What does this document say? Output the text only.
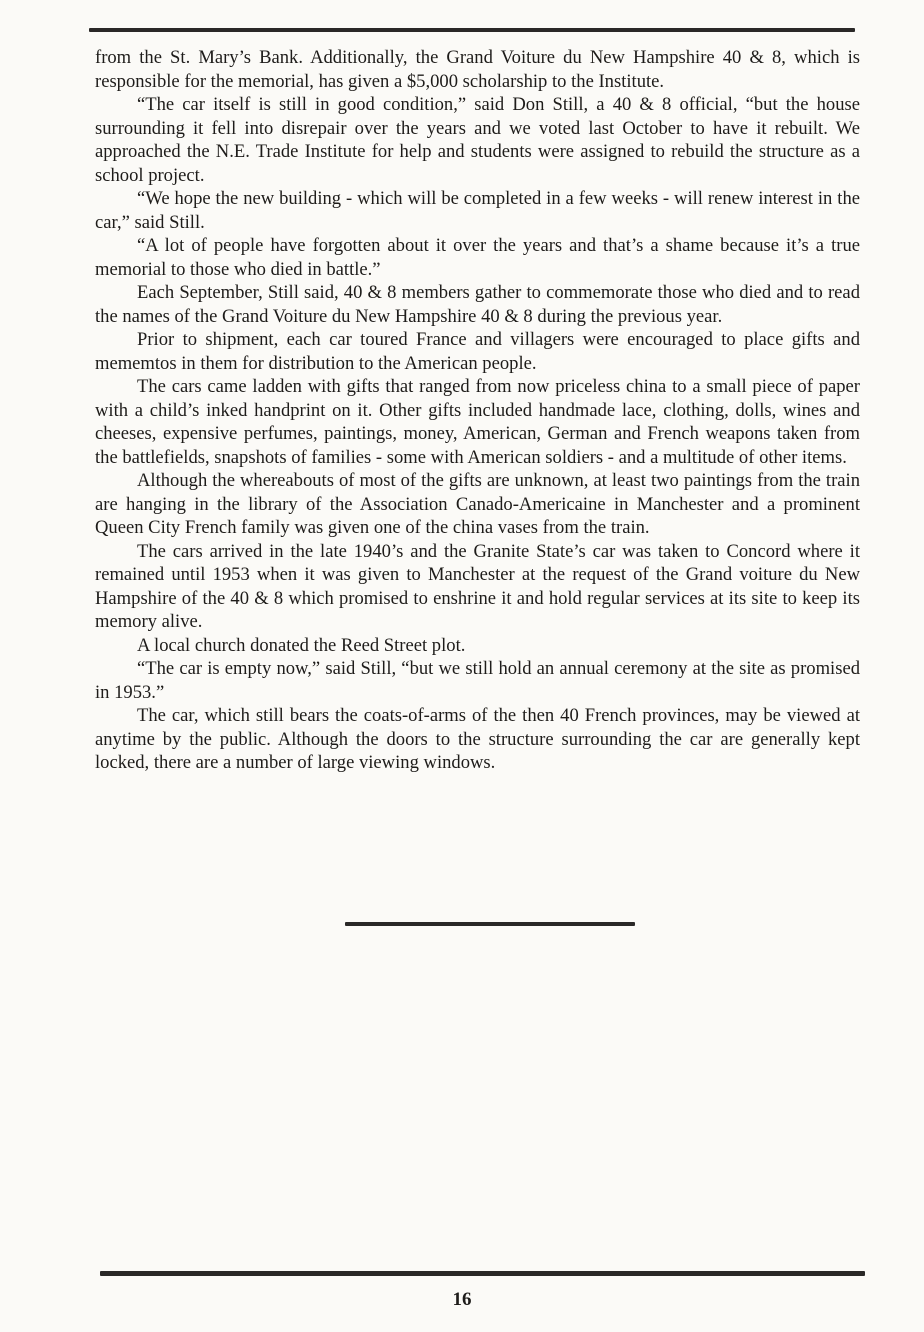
from the St. Mary’s Bank. Additionally, the Grand Voiture du New Hampshire 40 & 8, which is responsible for the memorial, has given a $5,000 scholarship to the Institute.

“The car itself is still in good condition,” said Don Still, a 40 & 8 official, “but the house surrounding it fell into disrepair over the years and we voted last October to have it rebuilt. We approached the N.E. Trade Institute for help and students were assigned to rebuild the structure as a school project.

“We hope the new building - which will be completed in a few weeks - will renew interest in the car,” said Still.

“A lot of people have forgotten about it over the years and that’s a shame because it’s a true memorial to those who died in battle.”

Each September, Still said, 40 & 8 members gather to commemorate those who died and to read the names of the Grand Voiture du New Hampshire 40 & 8 during the previous year.

Prior to shipment, each car toured France and villagers were encouraged to place gifts and mememtos in them for distribution to the American people.

The cars came ladden with gifts that ranged from now priceless china to a small piece of paper with a child’s inked handprint on it. Other gifts included handmade lace, clothing, dolls, wines and cheeses, expensive perfumes, paintings, money, American, German and French weapons taken from the battlefields, snapshots of families - some with American soldiers - and a multitude of other items.

Although the whereabouts of most of the gifts are unknown, at least two paintings from the train are hanging in the library of the Association Canado-Americaine in Manchester and a prominent Queen City French family was given one of the china vases from the train.

The cars arrived in the late 1940’s and the Granite State’s car was taken to Concord where it remained until 1953 when it was given to Manchester at the request of the Grand voiture du New Hampshire of the 40 & 8 which promised to enshrine it and hold regular services at its site to keep its memory alive.

A local church donated the Reed Street plot.

“The car is empty now,” said Still, “but we still hold an annual ceremony at the site as promised in 1953.”

The car, which still bears the coats-of-arms of the then 40 French provinces, may be viewed at anytime by the public. Although the doors to the structure surrounding the car are generally kept locked, there are a number of large viewing windows.

16
